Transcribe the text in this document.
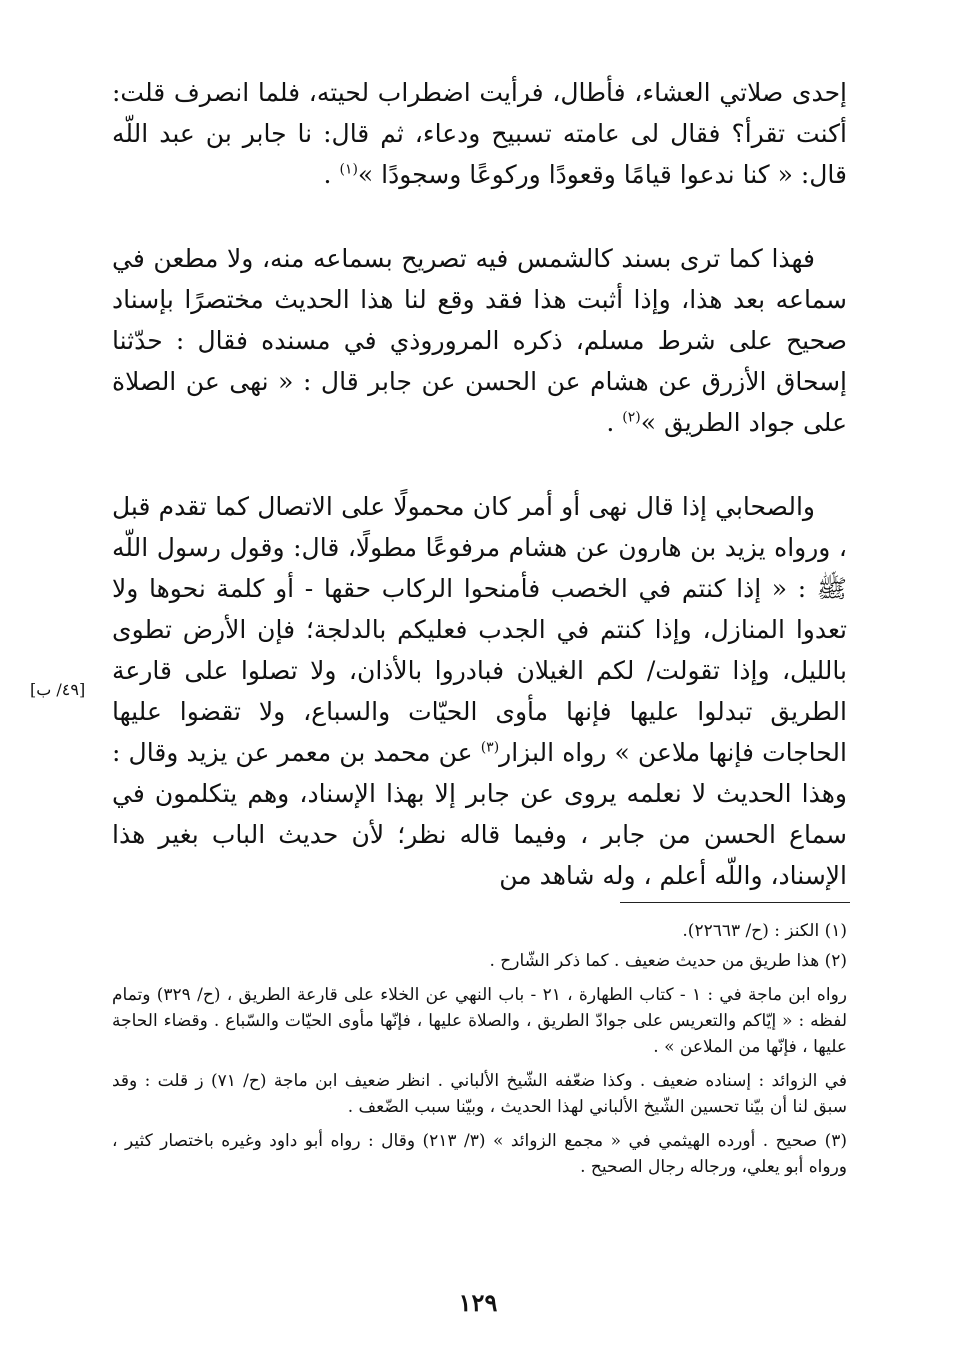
إحدى صلاتي العشاء، فأطال، فرأيت اضطراب لحيته، فلما انصرف قلت: أكنت تقرأ؟ فقال لى عامته تسبيح ودعاء، ثم قال: نا جابر بن عبد اللّه قال: « كنا ندعوا قيامًا وقعودًا وركوعًا وسجودًا »$^{(١)}$ .

فهذا كما ترى بسند كالشمس فيه تصريح بسماعه منه، ولا مطعن في سماعه بعد هذا، وإذا أثبت هذا فقد وقع لنا هذا الحديث مختصرًا بإسناد صحيح على شرط مسلم، ذكره المروروذي في مسنده فقال : حدّثنا إسحاق الأزرق عن هشام عن الحسن عن جابر قال : « نهى عن الصلاة على جواد الطريق »$^{(٢)}$ .

والصحابي إذا قال نهى أو أمر كان محمولًا على الاتصال كما تقدم قبل ، ورواه يزيد بن هارون عن هشام مرفوعًا مطولًا، قال: وقول رسول اللّه ﷺ : « إذا كنتم في الخصب فأمنحوا الركاب حقها - أو كلمة نحوها ولا تعدوا المنازل، وإذا كنتم في الجدب فعليكم بالدلجة؛ فإن الأرض تطوى بالليل، وإذا تقولت/ لكم الغيلان فبادروا بالأذان، ولا تصلوا على قارعة الطريق تبدلوا عليها فإنها مأوى الحيّات والسباع، ولا تقضوا عليها الحاجات فإنها ملاعن » رواه البزار$^{(٣)}$ عن محمد بن معمر عن يزيد وقال : وهذا الحديث لا نعلمه يروى عن جابر إلا بهذا الإسناد، وهم يتكلمون في سماع الحسن من جابر ، وفيما قاله نظر؛ لأن حديث الباب بغير هذا الإسناد، واللّه أعلم ، وله شاهد من

[٤٩/ ب]

(١) الكنز : (ح/ ٢٢٦٦٣).

(٢) هذا طريق من حديث ضعيف . كما ذكر الشّارح .

رواه ابن ماجة في : ١ - كتاب الطهارة ، ٢١ - باب النهي عن الخلاء على قارعة الطريق ، (ح/ ٣٢٩) وتمام لفظه : « إيّاكم والتعريس على جوادّ الطريق ، والصلاة عليها ، فإنّها مأوى الحيّات والسّباع . وقضاء الحاجة عليها ، فإنّها من الملاعن » .

في الزوائد : إسناده ضعيف . وكذا ضعّفه الشّيخ الألباني . انظر ضعيف ابن ماجة (ح/ ٧١) ز قلت : وقد سبق لنا أن بيّنا تحسين الشّيخ الألباني لهذا الحديث ، وبيّنا سبب الضّعف .

(٣) صحيح . أورده الهيثمي في « مجمع الزوائد » (٣/ ٢١٣) وقال : رواه أبو داود وغيره باختصار كثير ، ورواه أبو يعلي، ورجاله رجال الصحيح .

١٢٩
